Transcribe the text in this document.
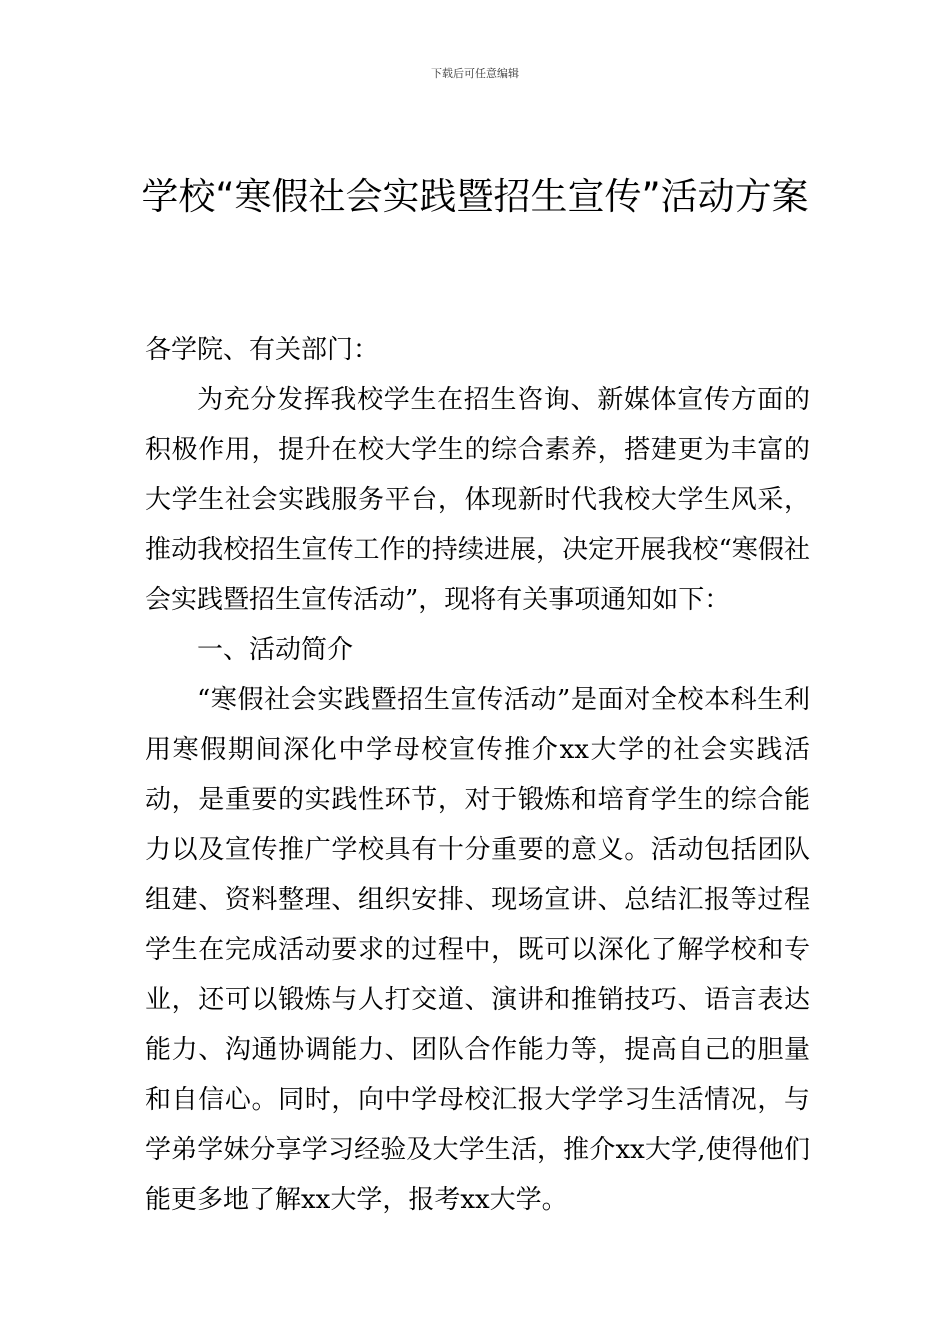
下载后可任意编辑
学校“寒假社会实践暨招生宣传”活动方案

各学院、有关部门：

为充分发挥我校学生在招生咨询、新媒体宣传方面的积极作用，提升在校大学生的综合素养，搭建更为丰富的大学生社会实践服务平台，体现新时代我校大学生风采，推动我校招生宣传工作的持续进展，决定开展我校“寒假社会实践暨招生宣传活动”，现将有关事项通知如下：

一、活动简介

“寒假社会实践暨招生宣传活动”是面对全校本科生利用寒假期间深化中学母校宣传推介xx大学的社会实践活动，是重要的实践性环节，对于锻炼和培育学生的综合能力以及宣传推广学校具有十分重要的意义。活动包括团队组建、资料整理、组织安排、现场宣讲、总结汇报等过程学生在完成活动要求的过程中，既可以深化了解学校和专业，还可以锻炼与人打交道、演讲和推销技巧、语言表达能力、沟通协调能力、团队合作能力等，提高自己的胆量和自信心。同时，向中学母校汇报大学学习生活情况，与学弟学妹分享学习经验及大学生活，推介xx大学,使得他们能更多地了解xx大学，报考xx大学。
